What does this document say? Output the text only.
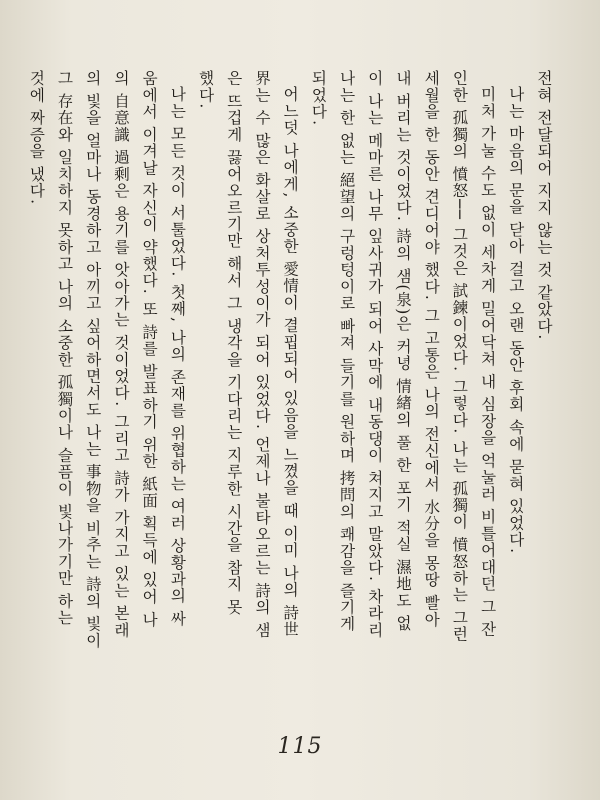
전혀 전달되어 지지 않는 것 같았다.
나는 마음의 문을 닫아 걸고 오랜 동안 후회 속에 묻혀 있었다.
미처 가눌 수도 없이 세차게 밀어닥쳐 내 심장을 억눌러 비틀어대던 그 잔
인한 孤獨의 憤怒── 그것은 試鍊이었다. 그렇다. 나는 孤獨이 憤怒하는 그런
세월을 한 동안 견디어야 했다. 그 고통은 나의 전신에서 水分을 몽땅 빨아
내 버리는 것이었다. 詩의 샘(泉)은 커녕 情緖의 풀 한 포기 적실 濕地도 없
이 나는 메마른 나무 잎사귀가 되어 사막에 내동댕이 쳐지고 말았다. 차라리
나는 한 없는 絕望의 구렁텅이로 빠져 들기를 원하며 拷問의 쾌감을 즐기게
되었다.
어느덧 나에게, 소중한 愛情이 결핍되어 있음을 느꼈을 때 이미 나의 詩世
界는 수 많은 화살로 상처투성이가 되어 있었다. 언제나 불타오르는 詩의 샘
은 뜨겁게 끓어오르기만 해서 그 냉각을 기다리는 지루한 시간을 참지 못
했다.
나는 모든 것이 서툴었다. 첫째, 나의 존재를 위협하는 여러 상황과의 싸
움에서 이겨날 자신이 약했다. 또 詩를 발표하기 위한 紙面 획득에 있어 나
의 自意識 過剩은 용기를 앗아가는 것이었다. 그리고 詩가 가지고 있는 본래
의 빛을 얼마나 동경하고 아끼고 싶어하면서도 나는 事物을 비추는 詩의 빛이
그 存在와 일치하지 못하고 나의 소중한 孤獨이나 슬픔이 빛나가기만 하는
것에 짜증을 냈다.
115
